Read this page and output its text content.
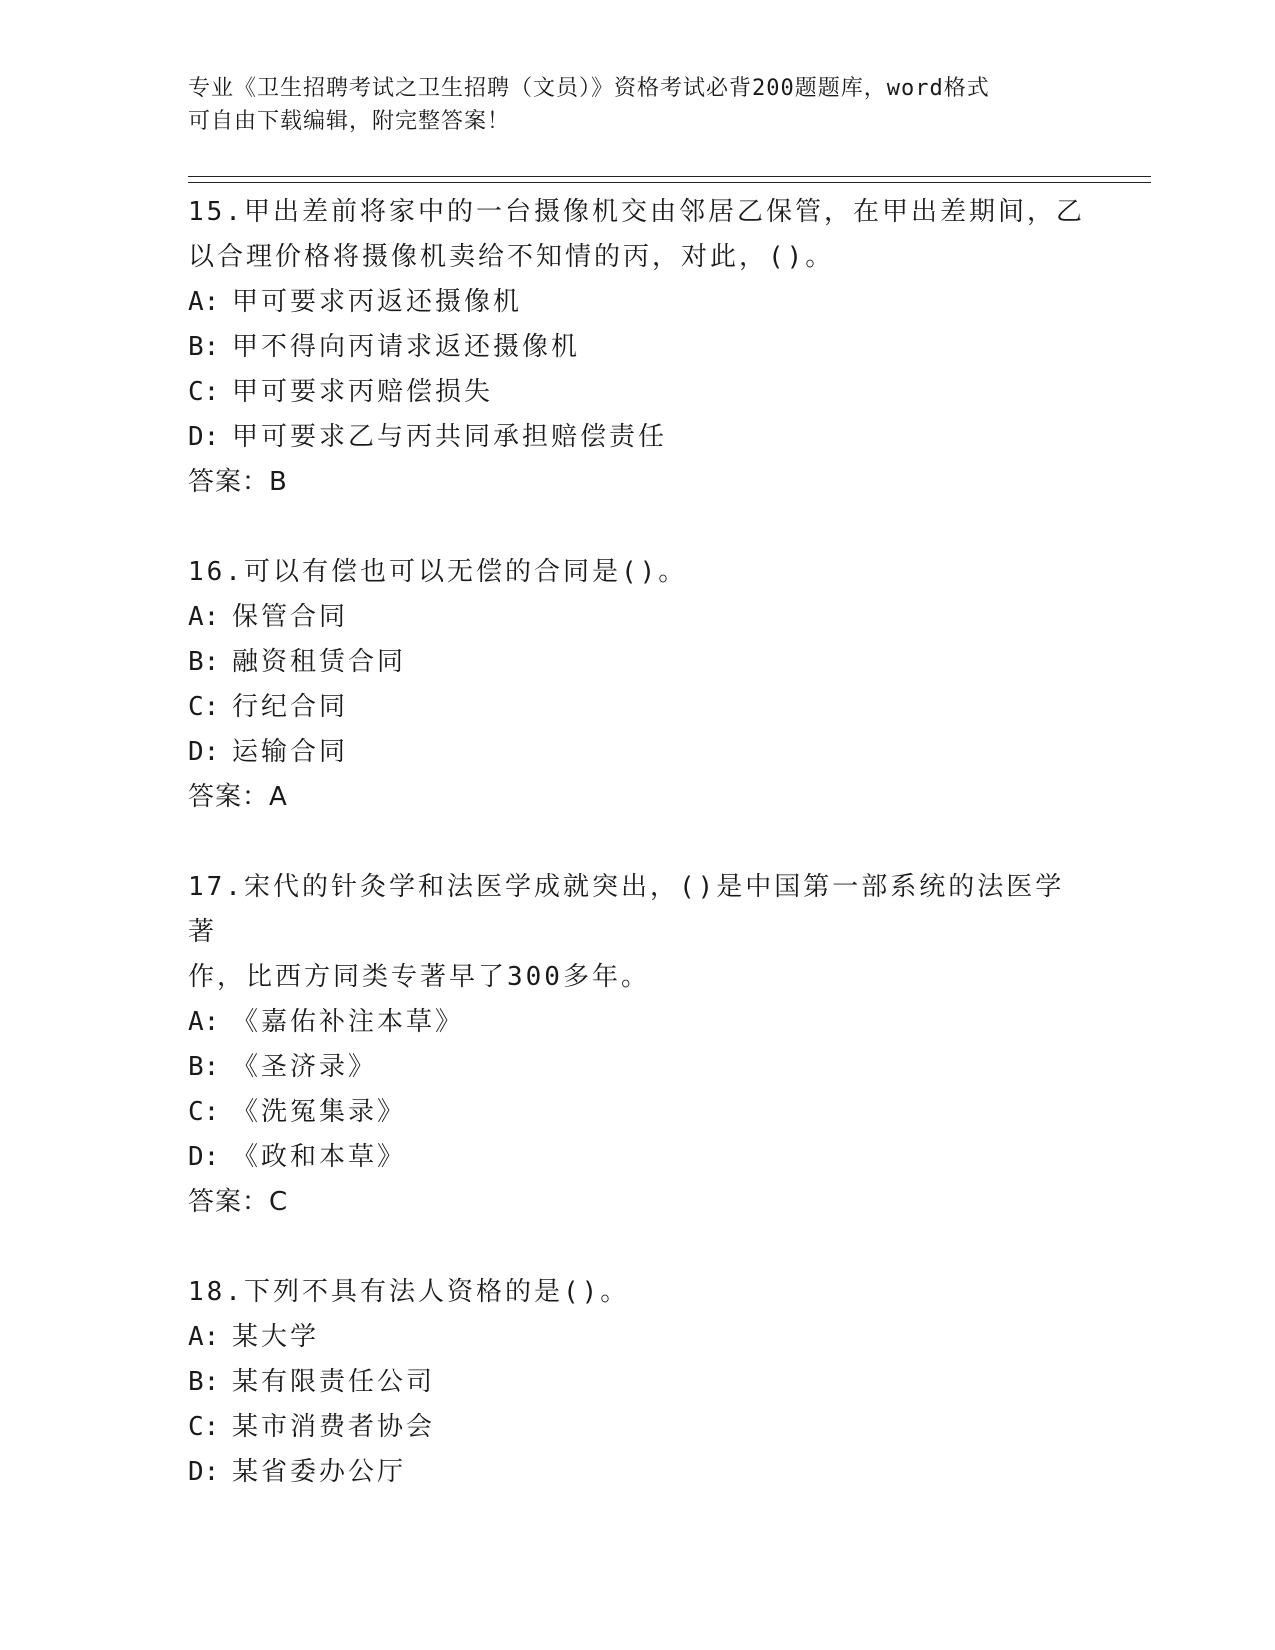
专业《卫生招聘考试之卫生招聘（文员）》资格考试必背200题题库，word格式
可自由下载编辑，附完整答案！
15.甲出差前将家中的一台摄像机交由邻居乙保管，在甲出差期间，乙
以合理价格将摄像机卖给不知情的丙，对此，()。
A: 甲可要求丙返还摄像机
B: 甲不得向丙请求返还摄像机
C: 甲可要求丙赔偿损失
D: 甲可要求乙与丙共同承担赔偿责任
答案：B
16.可以有偿也可以无偿的合同是()。
A: 保管合同
B: 融资租赁合同
C: 行纪合同
D: 运输合同
答案：A
17.宋代的针灸学和法医学成就突出，()是中国第一部系统的法医学著
作，比西方同类专著早了300多年。
A: 《嘉佑补注本草》
B: 《圣济录》
C: 《洗冤集录》
D: 《政和本草》
答案：C
18.下列不具有法人资格的是()。
A: 某大学
B: 某有限责任公司
C: 某市消费者协会
D: 某省委办公厅
